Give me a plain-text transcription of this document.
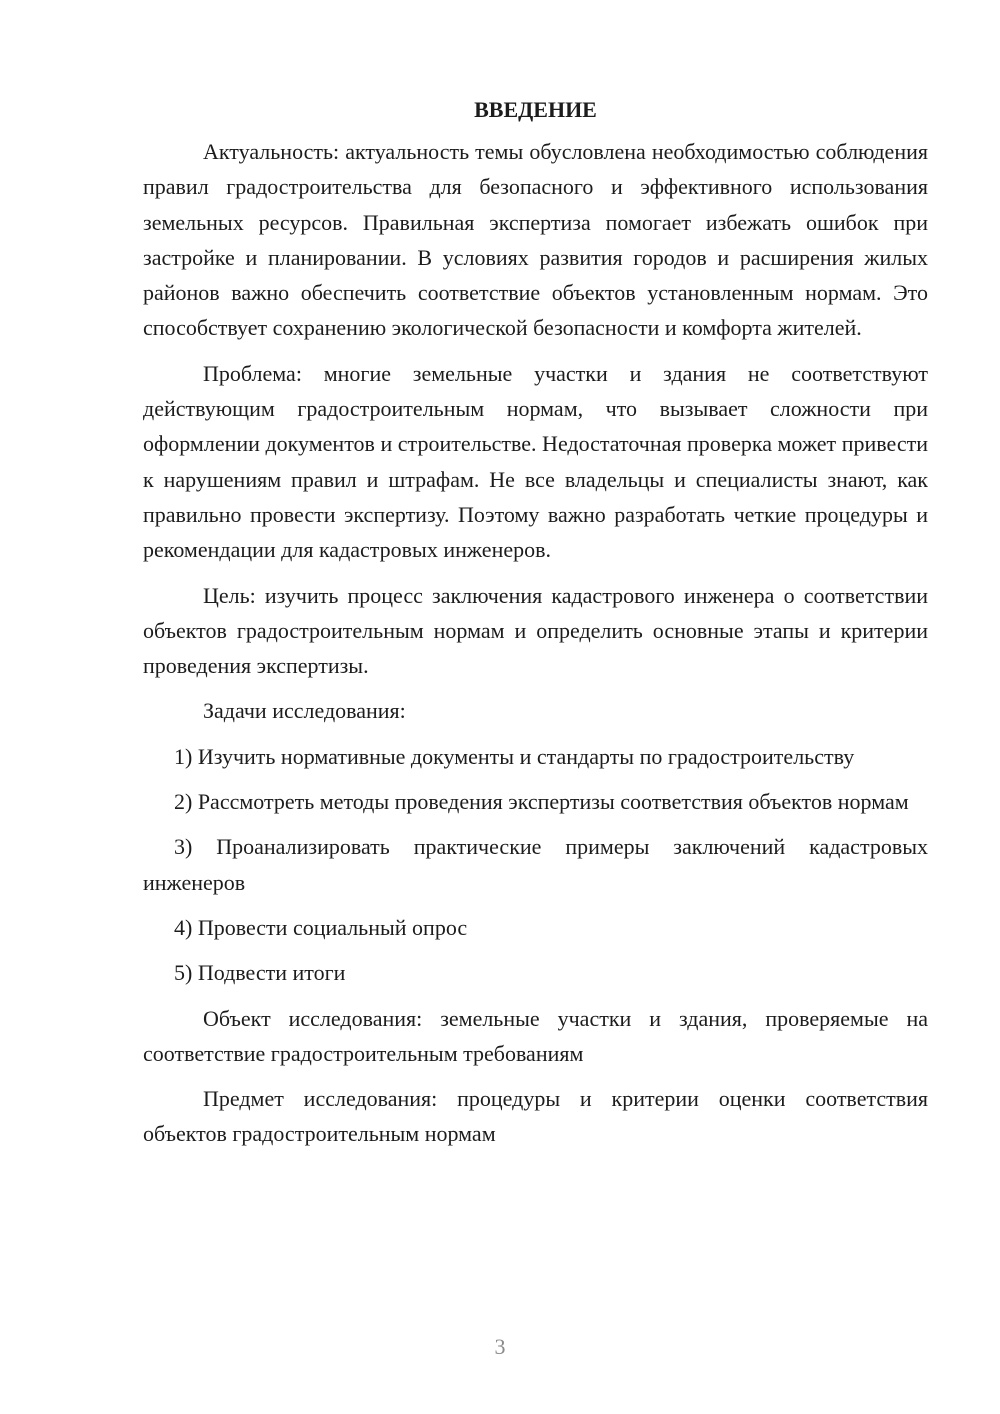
ВВЕДЕНИЕ

Актуальность: актуальность темы обусловлена необходимостью соблюдения правил градостроительства для безопасного и эффективного использования земельных ресурсов. Правильная экспертиза помогает избежать ошибок при застройке и планировании. В условиях развития городов и расширения жилых районов важно обеспечить соответствие объектов установленным нормам. Это способствует сохранению экологической безопасности и комфорта жителей.

Проблема: многие земельные участки и здания не соответствуют действующим градостроительным нормам, что вызывает сложности при оформлении документов и строительстве. Недостаточная проверка может привести к нарушениям правил и штрафам. Не все владельцы и специалисты знают, как правильно провести экспертизу. Поэтому важно разработать четкие процедуры и рекомендации для кадастровых инженеров.

Цель: изучить процесс заключения кадастрового инженера о соответствии объектов градостроительным нормам и определить основные этапы и критерии проведения экспертизы.

Задачи исследования:

1) Изучить нормативные документы и стандарты по градостроительству

2) Рассмотреть методы проведения экспертизы соответствия объектов нормам

3) Проанализировать практические примеры заключений кадастровых инженеров

4) Провести социальный опрос

5) Подвести итоги

Объект исследования: земельные участки и здания, проверяемые на соответствие градостроительным требованиям

Предмет исследования: процедуры и критерии оценки соответствия объектов градостроительным нормам

3
